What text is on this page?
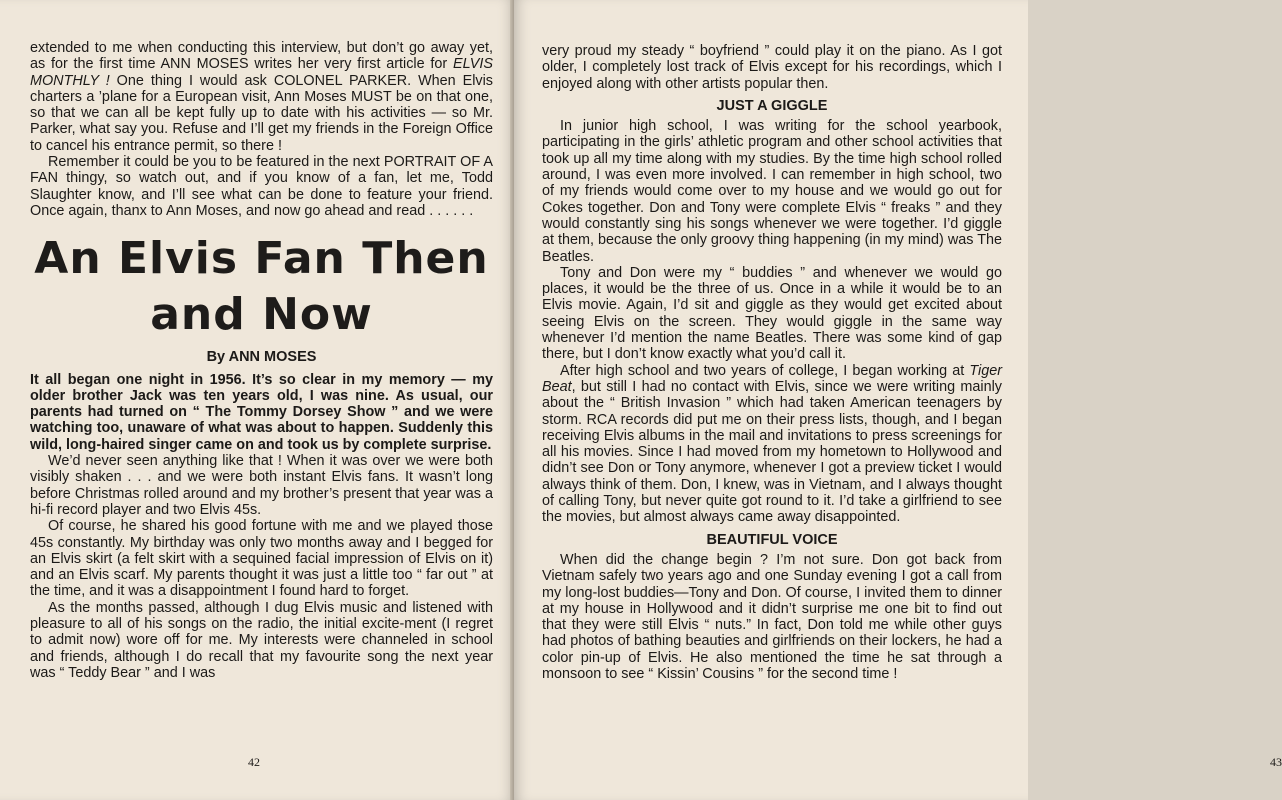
extended to me when conducting this interview, but don’t go away yet, as for the first time ANN MOSES writes her very first article for ELVIS MONTHLY ! One thing I would ask COLONEL PARKER. When Elvis charters a ’plane for a European visit, Ann Moses MUST be on that one, so that we can all be kept fully up to date with his activities — so Mr. Parker, what say you. Refuse and I’ll get my friends in the Foreign Office to cancel his entrance permit, so there !

Remember it could be you to be featured in the next PORTRAIT OF A FAN thingy, so watch out, and if you know of a fan, let me, Todd Slaughter know, and I’ll see what can be done to feature your friend. Once again, thanx to Ann Moses, and now go ahead and read . . . . . .

An Elvis Fan Then
and Now
By ANN MOSES

It all began one night in 1956. It’s so clear in my memory — my older brother Jack was ten years old, I was nine. As usual, our parents had turned on “ The Tommy Dorsey Show ” and we were watching too, unaware of what was about to happen. Suddenly this wild, long-haired singer came on and took us by complete surprise.

We’d never seen anything like that ! When it was over we were both visibly shaken . . . and we were both instant Elvis fans. It wasn’t long before Christmas rolled around and my brother’s present that year was a hi-fi record player and two Elvis 45s.

Of course, he shared his good fortune with me and we played those 45s constantly. My birthday was only two months away and I begged for an Elvis skirt (a felt skirt with a sequined facial impression of Elvis on it) and an Elvis scarf. My parents thought it was just a little too “ far out ” at the time, and it was a disappointment I found hard to forget.

As the months passed, although I dug Elvis music and listened with pleasure to all of his songs on the radio, the initial excite-ment (I regret to admit now) wore off for me. My interests were channeled in school and friends, although I do recall that my favourite song the next year was “ Teddy Bear ” and I was

42	43

very proud my steady “ boyfriend ” could play it on the piano. As I got older, I completely lost track of Elvis except for his recordings, which I enjoyed along with other artists popular then.

JUST A GIGGLE

In junior high school, I was writing for the school yearbook, participating in the girls’ athletic program and other school activities that took up all my time along with my studies. By the time high school rolled around, I was even more involved. I can remember in high school, two of my friends would come over to my house and we would go out for Cokes together. Don and Tony were complete Elvis “ freaks ” and they would constantly sing his songs whenever we were together. I’d giggle at them, because the only groovy thing happening (in my mind) was The Beatles.

Tony and Don were my “ buddies ” and whenever we would go places, it would be the three of us. Once in a while it would be to an Elvis movie. Again, I’d sit and giggle as they would get excited about seeing Elvis on the screen. They would giggle in the same way whenever I’d mention the name Beatles. There was some kind of gap there, but I don’t know exactly what you’d call it.

After high school and two years of college, I began working at Tiger Beat, but still I had no contact with Elvis, since we were writing mainly about the “ British Invasion ” which had taken American teenagers by storm. RCA records did put me on their press lists, though, and I began receiving Elvis albums in the mail and invitations to press screenings for all his movies. Since I had moved from my hometown to Hollywood and didn’t see Don or Tony anymore, whenever I got a preview ticket I would always think of them. Don, I knew, was in Vietnam, and I always thought of calling Tony, but never quite got round to it. I’d take a girlfriend to see the movies, but almost always came away disappointed.

BEAUTIFUL VOICE

When did the change begin ? I’m not sure. Don got back from Vietnam safely two years ago and one Sunday evening I got a call from my long-lost buddies—Tony and Don. Of course, I invited them to dinner at my house in Hollywood and it didn’t surprise me one bit to find out that they were still Elvis “ nuts.” In fact, Don told me while other guys had photos of bathing beauties and girlfriends on their lockers, he had a color pin-up of Elvis. He also mentioned the time he sat through a monsoon to see “ Kissin’ Cousins ” for the second time !
